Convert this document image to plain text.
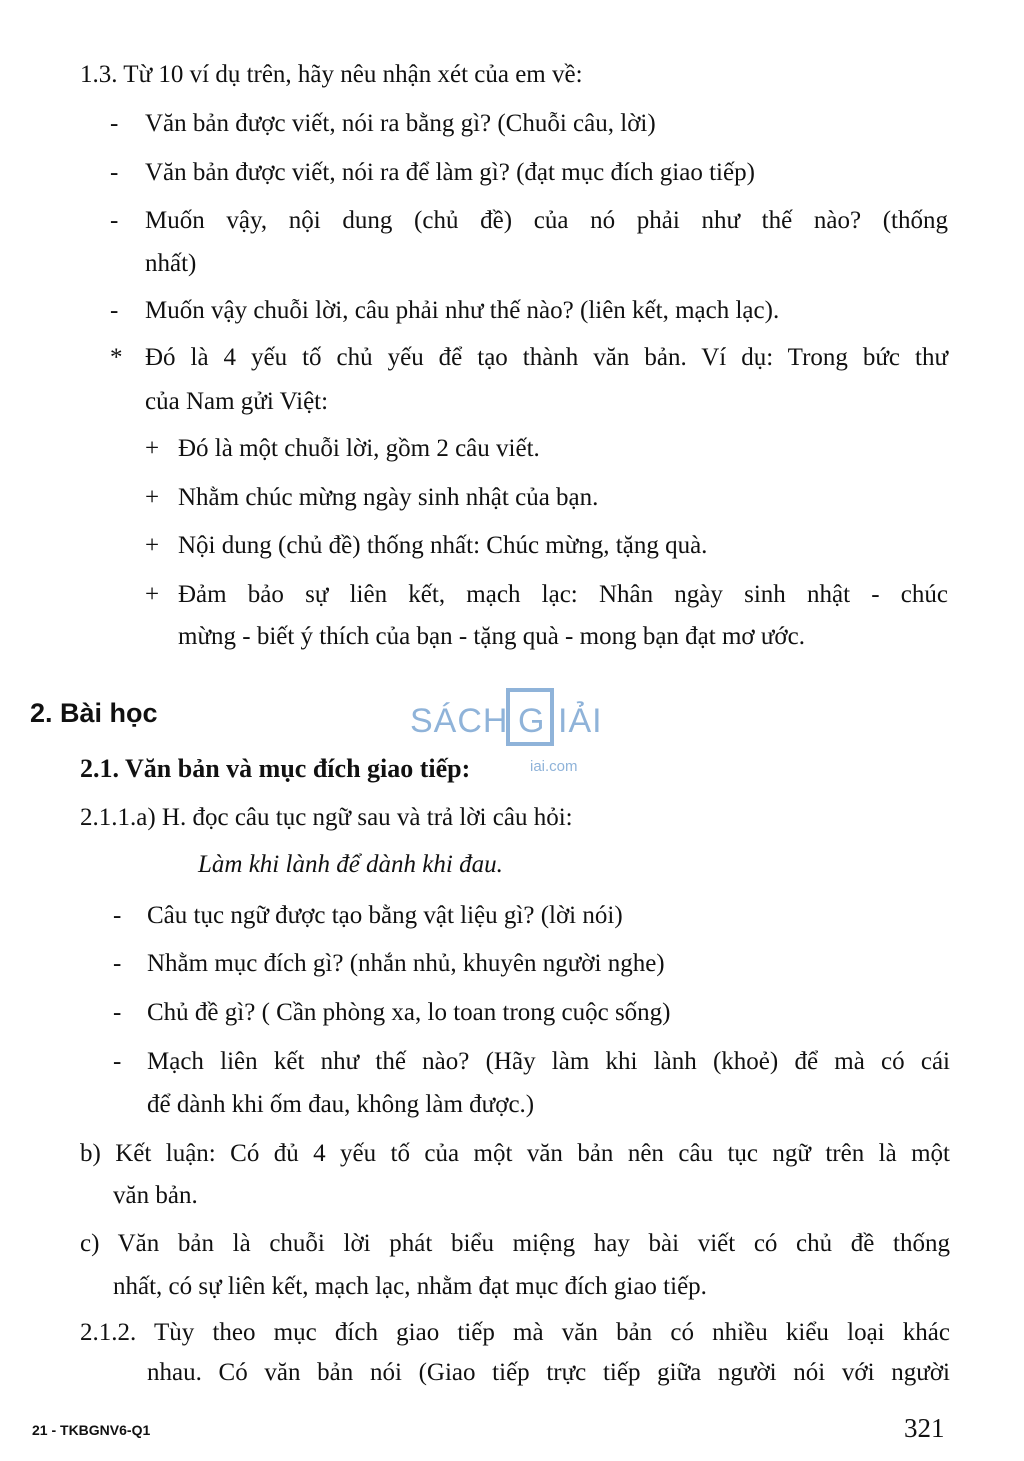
1.3. Từ 10 ví dụ trên, hãy nêu nhận xét của em về:
- Văn bản được viết, nói ra bằng gì? (Chuỗi câu, lời)
- Văn bản được viết, nói ra để làm gì? (đạt mục đích giao tiếp)
- Muốn vậy, nội dung (chủ đề) của nó phải như thế nào? (thống
nhất)
- Muốn vậy chuỗi lời, câu phải như thế nào? (liên kết, mạch lạc).
* Đó là 4 yếu tố chủ yếu để tạo thành văn bản. Ví dụ: Trong bức thư
của Nam gửi Việt:
+ Đó là một chuỗi lời, gồm 2 câu viết.
+ Nhằm chúc mừng ngày sinh nhật của bạn.
+ Nội dung (chủ đề) thống nhất: Chúc mừng, tặng quà.
+ Đảm bảo sự liên kết, mạch lạc: Nhân ngày sinh nhật - chúc
mừng - biết ý thích của bạn - tặng quà - mong bạn đạt mơ ước.
2. Bài học	SÁCH G IẢI
iai.com
2.1. Văn bản và mục đích giao tiếp:
2.1.1.a) H. đọc câu tục ngữ sau và trả lời câu hỏi:
Làm khi lành để dành khi đau.
- Câu tục ngữ được tạo bằng vật liệu gì? (lời nói)
- Nhằm mục đích gì? (nhắn nhủ, khuyên người nghe)
- Chủ đề gì? ( Cần phòng xa, lo toan trong cuộc sống)
- Mạch liên kết như thế nào? (Hãy làm khi lành (khoẻ) để mà có cái
để dành khi ốm đau, không làm được.)
b) Kết luận: Có đủ 4 yếu tố của một văn bản nên câu tục ngữ trên là một
văn bản.
c) Văn bản là chuỗi lời phát biểu miệng hay bài viết có chủ đề thống
nhất, có sự liên kết, mạch lạc, nhằm đạt mục đích giao tiếp.
2.1.2. Tùy theo mục đích giao tiếp mà văn bản có nhiều kiểu loại khác
nhau. Có văn bản nói (Giao tiếp trực tiếp giữa người nói với người
21 - TKBGNV6-Q1	321
